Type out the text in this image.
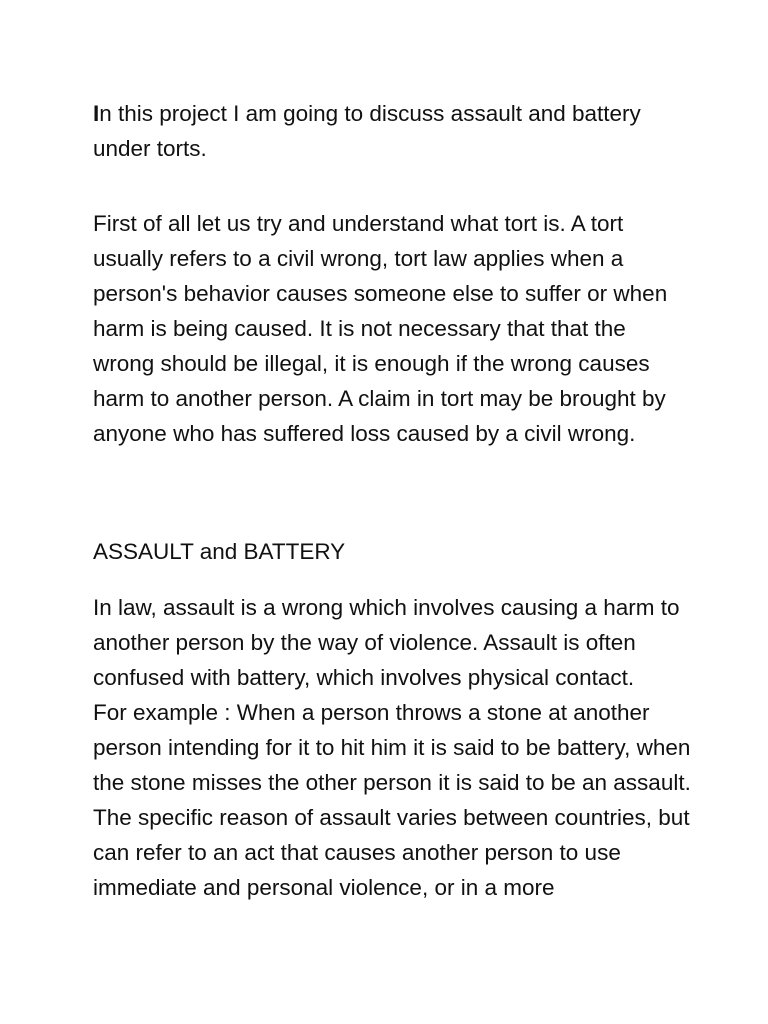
In this project I am going to discuss assault and battery under torts.
First of all let us try and understand what tort is. A tort usually refers to a civil wrong, tort law applies when a person's behavior causes someone else to suffer or when harm is being caused. It is not necessary that that the wrong should be illegal, it is enough if the wrong causes harm to another person. A claim in tort may be brought by anyone who has suffered loss caused by a civil wrong.
ASSAULT and BATTERY

In law, assault is a wrong which involves causing a harm to another person by the way of violence. Assault is often confused with battery, which involves physical contact.

For example : When a person throws a stone at another person intending for it to hit him it is said to be battery, when the stone misses the other person it is said to be an assault.

The specific reason of assault varies between countries, but can refer to an act that causes another person to use immediate and personal violence, or in a more
